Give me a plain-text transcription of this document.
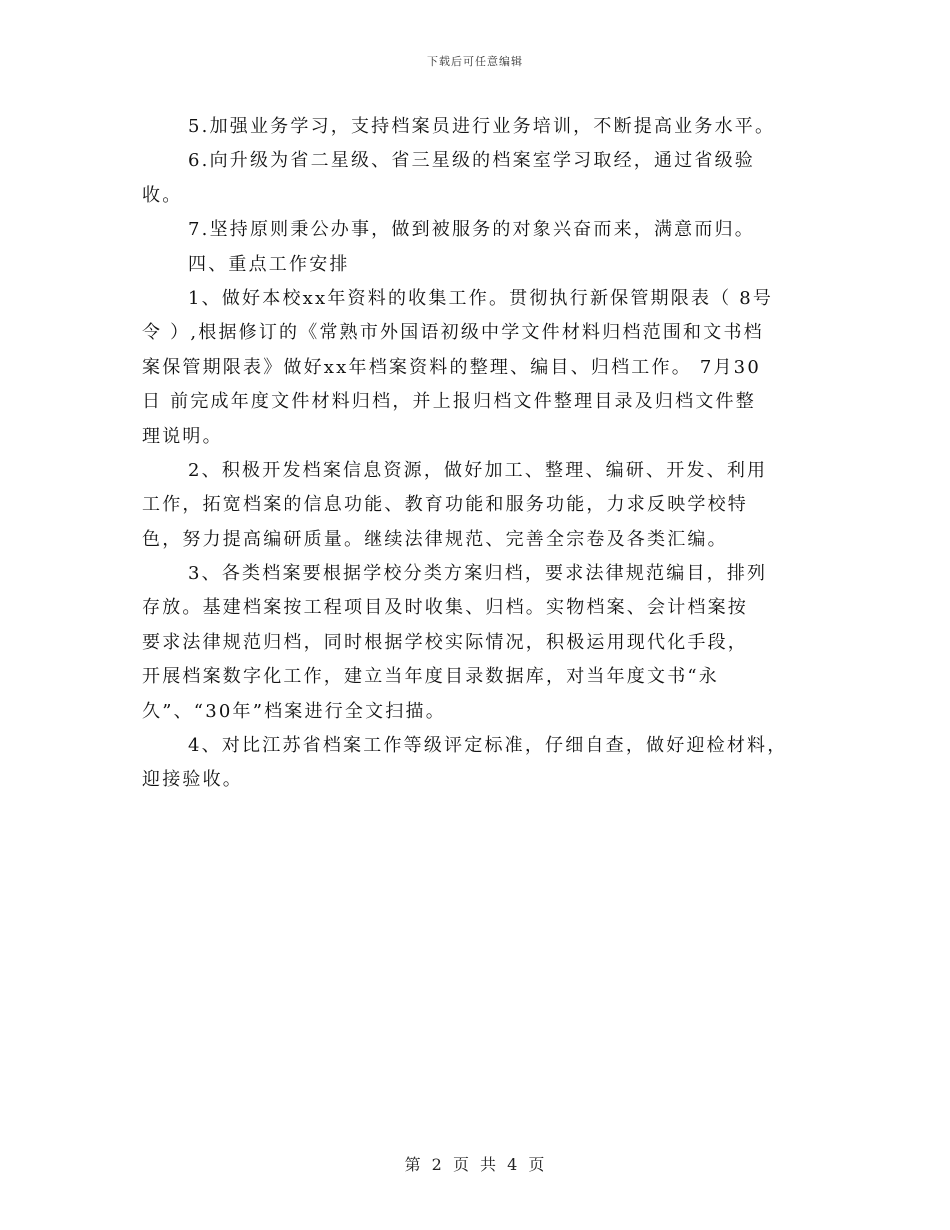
下载后可任意编辑
5.加强业务学习，支持档案员进行业务培训，不断提高业务水平。
6.向升级为省二星级、省三星级的档案室学习取经，通过省级验
收。
7.坚持原则秉公办事，做到被服务的对象兴奋而来，满意而归。
四、重点工作安排
1、做好本校xx年资料的收集工作。贯彻执行新保管期限表（ 8号
令 ）,根据修订的《常熟市外国语初级中学文件材料归档范围和文书档
案保管期限表》做好xx年档案资料的整理、编目、归档工作。 7月30
日 前完成年度文件材料归档，并上报归档文件整理目录及归档文件整
理说明。
2、积极开发档案信息资源，做好加工、整理、编研、开发、利用
工作，拓宽档案的信息功能、教育功能和服务功能，力求反映学校特
色，努力提高编研质量。继续法律规范、完善全宗卷及各类汇编。
3、各类档案要根据学校分类方案归档，要求法律规范编目，排列
存放。基建档案按工程项目及时收集、归档。实物档案、会计档案按
要求法律规范归档，同时根据学校实际情况，积极运用现代化手段，
开展档案数字化工作，建立当年度目录数据库，对当年度文书“永
久”、“30年”档案进行全文扫描。
4、对比江苏省档案工作等级评定标准，仔细自查，做好迎检材料，
迎接验收。
第 2 页 共 4 页
